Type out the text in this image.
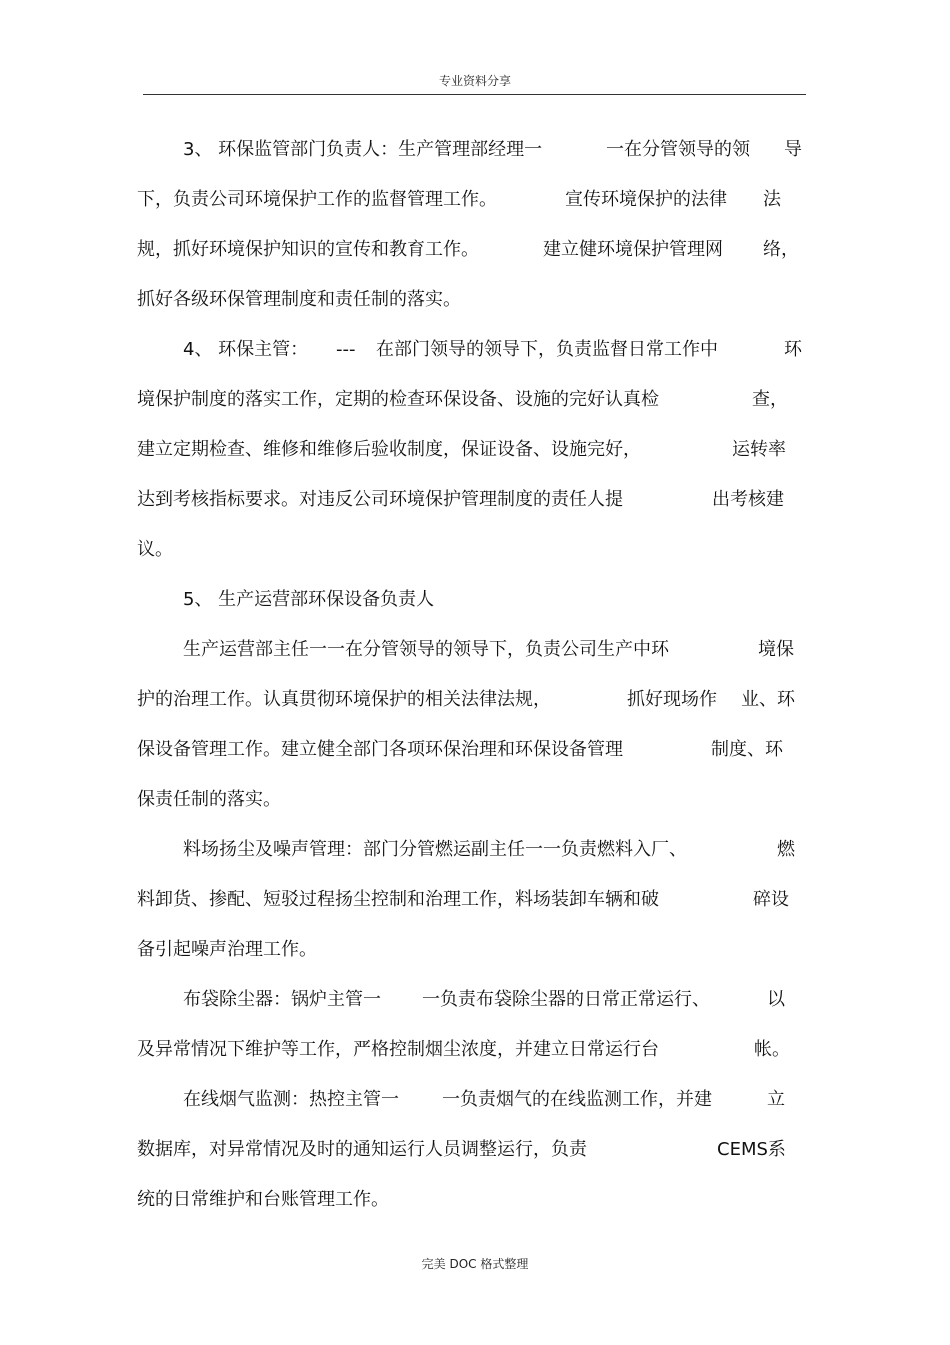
专业资料分享
3、 环保监管部门负责人：生产管理部经理一	一在分管领导的领 导
下，负责公司环境保护工作的监督管理工作。	宣传环境保护的法律 法
规，抓好环境保护知识的宣传和教育工作。	建立健环境保护管理网 络，
抓好各级环保管理制度和责任制的落实。
4、 环保主管： --- 在部门领导的领导下，负责监督日常工作中	环
境保护制度的落实工作，定期的检查环保设备、设施的完好认真检	查，
建立定期检查、维修和维修后验收制度，保证设备、设施完好，	运转率
达到考核指标要求。对违反公司环境保护管理制度的责任人提	出考核建
议。
5、 生产运营部环保设备负责人
生产运营部主任一一在分管领导的领导下，负责公司生产中环	境保
护的治理工作。认真贯彻环境保护的相关法律法规，	抓好现场作 业、环
保设备管理工作。建立健全部门各项环保治理和环保设备管理	制度、环
保责任制的落实。
料场扬尘及噪声管理：部门分管燃运副主任一一负责燃料入厂、	燃
料卸货、掺配、短驳过程扬尘控制和治理工作，料场装卸车辆和破	碎设
备引起噪声治理工作。
布袋除尘器：锅炉主管一 一负责布袋除尘器的日常正常运行、	以
及异常情况下维护等工作，严格控制烟尘浓度，并建立日常运行台	帐。
在线烟气监测：热控主管一 一负责烟气的在线监测工作，并建	立
数据库，对异常情况及时的通知运行人员调整运行，负责	CEMS系
统的日常维护和台账管理工作。
完美 DOC 格式整理
